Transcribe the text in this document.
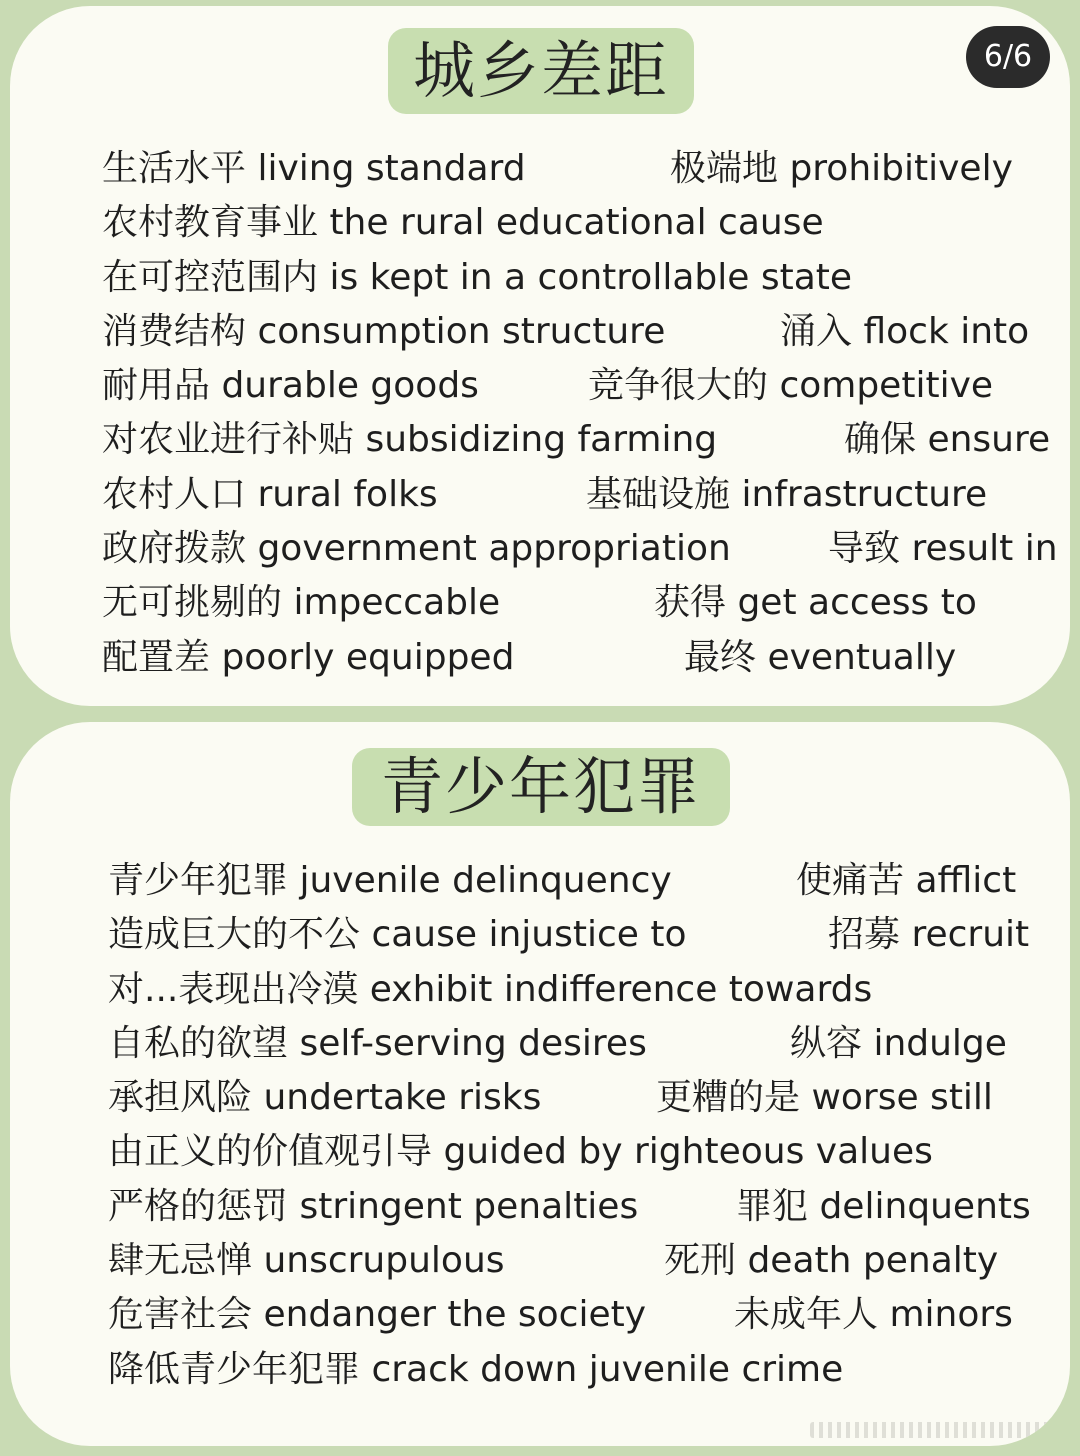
城乡差距	6/6
生活水平 living standard	极端地 prohibitively
农村教育事业 the rural educational cause
在可控范围内 is kept in a controllable state
消费结构 consumption structure	涌入 flock into
耐用品 durable goods	竞争很大的 competitive
对农业进行补贴 subsidizing farming	确保 ensure
农村人口 rural folks	基础设施 infrastructure
政府拨款 government appropriation	导致 result in
无可挑剔的 impeccable	获得 get access to
配置差 poorly equipped	最终 eventually
青少年犯罪
青少年犯罪 juvenile delinquency	使痛苦 afflict
造成巨大的不公 cause injustice to	招募 recruit
对...表现出冷漠 exhibit indifference towards
自私的欲望 self-serving desires	纵容 indulge
承担风险 undertake risks	更糟的是 worse still
由正义的价值观引导 guided by righteous values
严格的惩罚 stringent penalties	罪犯 delinquents
肆无忌惮 unscrupulous	死刑 death penalty
危害社会 endanger the society 未成年人 minors
降低青少年犯罪 crack down juvenile crime
